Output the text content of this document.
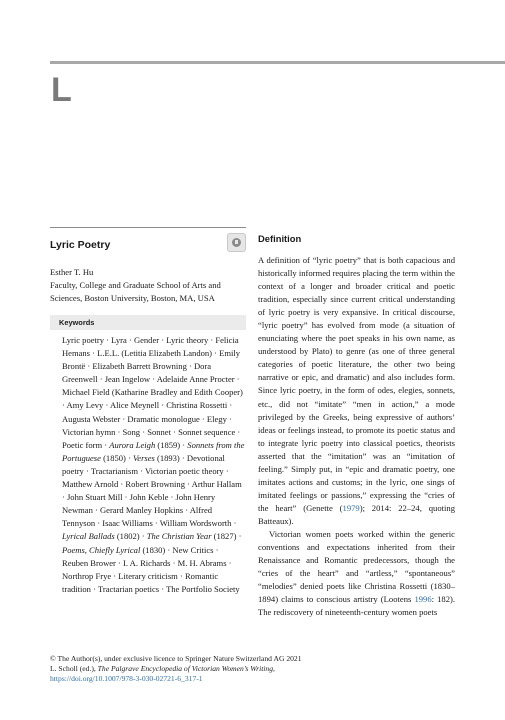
L
Lyric Poetry
Esther T. Hu
Faculty, College and Graduate School of Arts and Sciences, Boston University, Boston, MA, USA
Keywords
Lyric poetry · Lyra · Gender · Lyric theory · Felicia Hemans · L.E.L. (Letitia Elizabeth Landon) · Emily Brontë · Elizabeth Barrett Browning · Dora Greenwell · Jean Ingelow · Adelaide Anne Procter · Michael Field (Katharine Bradley and Edith Cooper) · Amy Levy · Alice Meynell · Christina Rossetti · Augusta Webster · Dramatic monologue · Elegy · Victorian hymn · Song · Sonnet · Sonnet sequence · Poetic form · Aurora Leigh (1859) · Sonnets from the Portuguese (1850) · Verses (1893) · Devotional poetry · Tractarianism · Victorian poetic theory · Matthew Arnold · Robert Browning · Arthur Hallam · John Stuart Mill · John Keble · John Henry Newman · Gerard Manley Hopkins · Alfred Tennyson · Isaac Williams · William Wordsworth · Lyrical Ballads (1802) · The Christian Year (1827) · Poems, Chiefly Lyrical (1830) · New Critics · Reuben Brower · I. A. Richards · M. H. Abrams · Northrop Frye · Literary criticism · Romantic tradition · Tractarian poetics · The Portfolio Society
Definition

A definition of “lyric poetry” that is both capacious and historically informed requires placing the term within the context of a longer and broader critical and poetic tradition, especially since current critical understanding of lyric poetry is very expansive. In critical discourse, “lyric poetry” has evolved from mode (a situation of enunciating where the poet speaks in his own name, as understood by Plato) to genre (as one of three general categories of poetic literature, the other two being narrative or epic, and dramatic) and also includes form. Since lyric poetry, in the form of odes, elegies, sonnets, etc., did not “imitate” “men in action,” a mode privileged by the Greeks, being expressive of authors’ ideas or feelings instead, to promote its poetic status and to integrate lyric poetry into classical poetics, theorists asserted that the “imitation” was an “imitation of feeling.” Simply put, in “epic and dramatic poetry, one imitates actions and customs; in the lyric, one sings of imitated feelings or passions,” expressing the “cries of the heart” (Genette (1979); 2014: 22–24, quoting Batteaux).

Victorian women poets worked within the generic conventions and expectations inherited from their Renaissance and Romantic predecessors, though the “cries of the heart” and “artless,” “spontaneous” “melodies” denied poets like Christina Rossetti (1830–1894) claims to conscious artistry (Lootens 1996: 182). The rediscovery of nineteenth-century women poets

© The Author(s), under exclusive licence to Springer Nature Switzerland AG 2021
L. Scholl (ed.), The Palgrave Encyclopedia of Victorian Women’s Writing,
https://doi.org/10.1007/978-3-030-02721-6_317-1
